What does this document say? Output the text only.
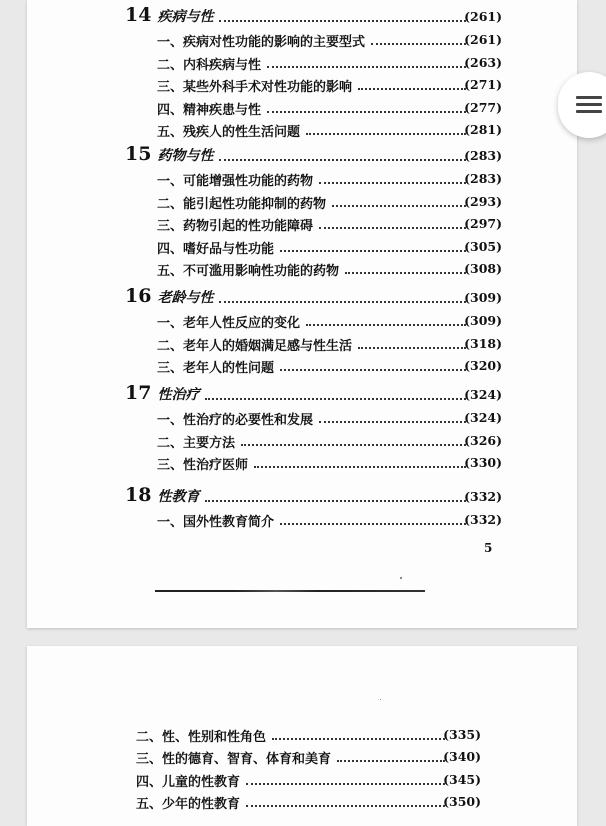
14 疾病与性	(261)
一、疾病对性功能的影响的主要型式	(261)
二、内科疾病与性	(263)
三、某些外科手术对性功能的影响	(271)
四、精神疾患与性	(277)
五、残疾人的性生活问题	(281)
15 药物与性	(283)
一、可能增强性功能的药物	(283)
二、能引起性功能抑制的药物	(293)
三、药物引起的性功能障碍	(297)
四、嗜好品与性功能	(305)
五、不可滥用影响性功能的药物	(308)
16 老龄与性	(309)
一、老年人性反应的变化	(309)
二、老年人的婚姻满足感与性生活	(318)
三、老年人的性问题	(320)
17 性治疗	(324)
一、性治疗的必要性和发展	(324)
二、主要方法	(326)
三、性治疗医师	(330)
18 性教育	(332)
一、国外性教育简介	(332)
二、性、性别和性角色	(335)
三、性的德育、智育、体育和美育	(340)
四、儿童的性教育	(345)
五、少年的性教育	(350)
5
